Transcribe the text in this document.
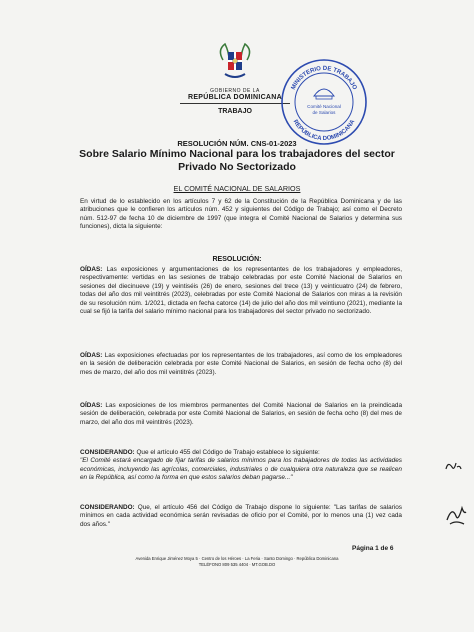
GOBIERNO DE LA
REPÚBLICA DOMINICANA
TRABAJO
MINISTERIO DE TRABAJO
REPÚBLICA DOMINICANA
Comité Nacional
de Salarios
RESOLUCIÓN NÚM. CNS-01-2023
Sobre Salario Mínimo Nacional para los trabajadores del sector Privado No Sectorizado
EL COMITÉ NACIONAL DE SALARIOS
En virtud de lo establecido en los artículos 7 y 62 de la Constitución de la República Dominicana y de las atribuciones que le confieren los artículos núm. 452 y siguientes del Código de Trabajo; así como el Decreto núm. 512-97 de fecha 10 de diciembre de 1997 (que integra el Comité Nacional de Salarios y determina sus funciones), dicta la siguiente:
RESOLUCIÓN:
OÍDAS: Las exposiciones y argumentaciones de los representantes de los trabajadores y empleadores, respectivamente: vertidas en las sesiones de trabajo celebradas por este Comité Nacional de Salarios en sesiones del diecinueve (19) y veintiséis (26) de enero, sesiones del trece (13) y veinticuatro (24) de febrero, todas del año dos mil veintitrés (2023), celebradas por este Comité Nacional de Salarios con miras a la revisión de su resolución núm. 1/2021, dictada en fecha catorce (14) de julio del año dos mil veintiuno (2021), mediante la cual se fijó la tarifa del salario mínimo nacional para los trabajadores del sector privado no sectorizado.
OÍDAS: Las exposiciones efectuadas por los representantes de los trabajadores, así como de los empleadores en la sesión de deliberación celebrada por este Comité Nacional de Salarios, en sesión de fecha ocho (8) del mes de marzo, del año dos mil veintitrés (2023).
OÍDAS: Las exposiciones de los miembros permanentes del Comité Nacional de Salarios en la preindicada sesión de deliberación, celebrada por este Comité Nacional de Salarios, en sesión de fecha ocho (8) del mes de marzo, del año dos mil veintitrés (2023).
CONSIDERANDO: Que el artículo 455 del Código de Trabajo establece lo siguiente:
"El Comité estará encargado de fijar tarifas de salarios mínimos para los trabajadores de todas las actividades económicas, incluyendo las agrícolas, comerciales, industriales o de cualquiera otra naturaleza que se realicen en la República, así como la forma en que estos salarios deban pagarse..."
CONSIDERANDO: Que, el artículo 456 del Código de Trabajo dispone lo siguiente: "Las tarifas de salarios mínimos en cada actividad económica serán revisadas de oficio por el Comité, por lo menos una (1) vez cada dos años."
Página 1 de 6
Avenida Enrique Jiménez Moya 5 · Centro de los Héroes · La Feria · Santo Domingo · República Dominicana
TELÉFONO 809 535 4404 · MT.GOB.DO
